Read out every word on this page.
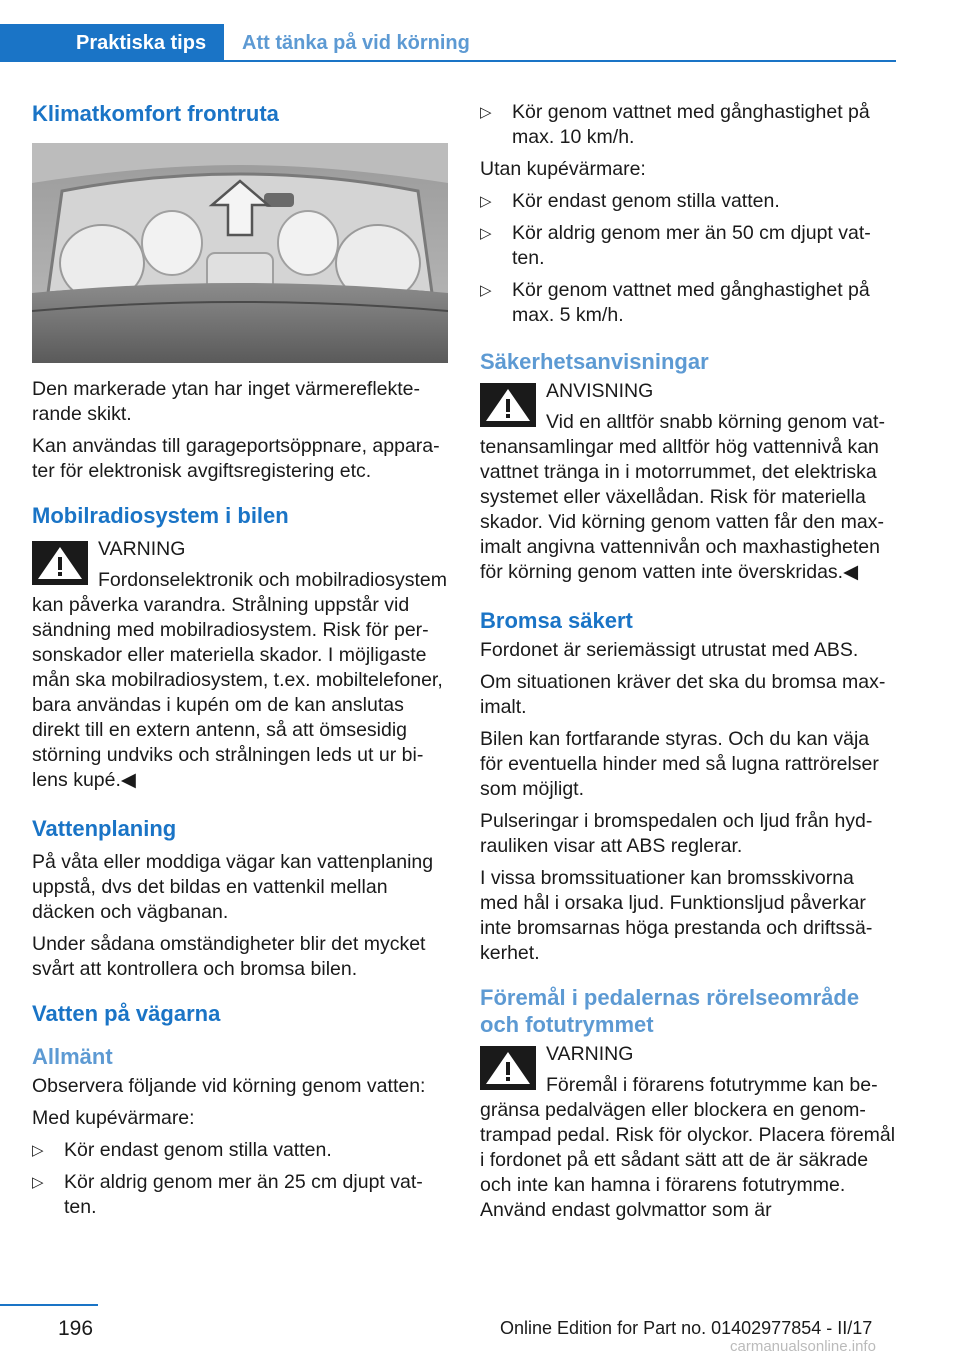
Praktiska tips	Att tänka på vid körning
Klimatkomfort frontruta

Den markerade ytan har inget värmereflekterande skikt.

Kan användas till garageportsöppnare, apparater för elektronisk avgiftsregistering etc.

Mobilradiosystem i bilen
VARNING
Fordonselektronik och mobilradiosystem kan påverka varandra. Strålning uppstår vid sändning med mobilradiosystem. Risk för personskador eller materiella skador. I möjligaste mån ska mobilradiosystem, t.ex. mobiltelefoner, bara användas i kupén om de kan anslutas direkt till en extern antenn, så att ömsesidig störning undviks och strålningen leds ut ur bilens kupé.◀
Vattenplaning

På våta eller moddiga vägar kan vattenplaning uppstå, dvs det bildas en vattenkil mellan däcken och vägbanan.

Under sådana omständigheter blir det mycket svårt att kontrollera och bromsa bilen.

Vatten på vägarna
Allmänt

Observera följande vid körning genom vatten:

Med kupévärmare:

▷ Kör endast genom stilla vatten.
▷ Kör aldrig genom mer än 25 cm djupt vatten.
▷ Kör genom vattnet med gånghastighet på max. 10 km/h.

Utan kupévärmare:

▷ Kör endast genom stilla vatten.
▷ Kör aldrig genom mer än 50 cm djupt vatten.
▷ Kör genom vattnet med gånghastighet på max. 5 km/h.
Säkerhetsanvisningar
ANVISNING
Vid en alltför snabb körning genom vattenansamlingar med alltför hög vattennivå kan vattnet tränga in i motorrummet, det elektriska systemet eller växellådan. Risk för materiella skador. Vid körning genom vatten får den maximalt angivna vattennivån och maxhastigheten för körning genom vatten inte överskridas.◀
Bromsa säkert

Fordonet är seriemässigt utrustat med ABS.

Om situationen kräver det ska du bromsa maximalt.

Bilen kan fortfarande styras. Och du kan väja för eventuella hinder med så lugna rattrörelser som möjligt.

Pulseringar i bromspedalen och ljud från hydrauliken visar att ABS reglerar.

I vissa bromssituationer kan bromsskivorna med hål i orsaka ljud. Funktionsljud påverkar inte bromsarnas höga prestanda och driftssäkerhet.

Föremål i pedalernas rörelseområde och fotutrymmet
VARNING
Föremål i förarens fotutrymme kan begränsa pedalvägen eller blockera en genomtrampad pedal. Risk för olyckor. Placera föremål i fordonet på ett sådant sätt att de är säkrade och inte kan hamna i förarens fotutrymme. Använd endast golvmattor som är
196	Online Edition for Part no. 01402977854 - II/17
carmanualsonline.info
